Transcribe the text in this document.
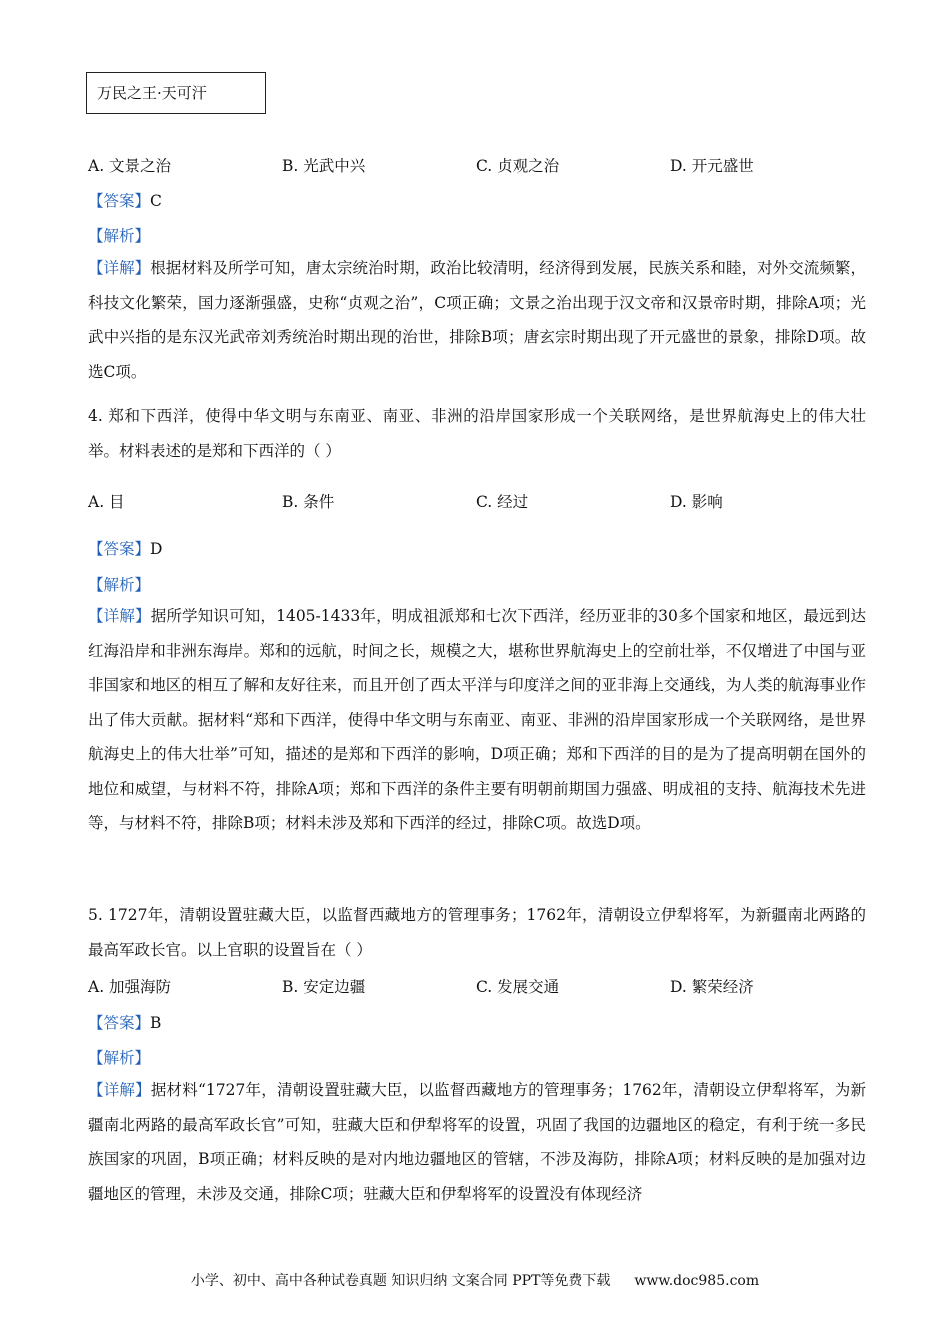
万民之王·天可汗
A. 文景之治	B. 光武中兴	C. 贞观之治	D. 开元盛世
【答案】C
【解析】

【详解】根据材料及所学可知，唐太宗统治时期，政治比较清明，经济得到发展，民族关系和睦，对外交流频繁，科技文化繁荣，国力逐渐强盛，史称“贞观之治”，C项正确；文景之治出现于汉文帝和汉景帝时期，排除A项；光武中兴指的是东汉光武帝刘秀统治时期出现的治世，排除B项；唐玄宗时期出现了开元盛世的景象，排除D项。故选C项。

4. 郑和下西洋，使得中华文明与东南亚、南亚、非洲的沿岸国家形成一个关联网络，是世界航海史上的伟大壮举。材料表述的是郑和下西洋的（ ）

A. 目	B. 条件	C. 经过	D. 影响
【答案】D
【解析】

【详解】据所学知识可知，1405-1433年，明成祖派郑和七次下西洋，经历亚非的30多个国家和地区，最远到达红海沿岸和非洲东海岸。郑和的远航，时间之长，规模之大，堪称世界航海史上的空前壮举，不仅增进了中国与亚非国家和地区的相互了解和友好往来，而且开创了西太平洋与印度洋之间的亚非海上交通线，为人类的航海事业作出了伟大贡献。据材料“郑和下西洋，使得中华文明与东南亚、南亚、非洲的沿岸国家形成一个关联网络，是世界航海史上的伟大壮举”可知，描述的是郑和下西洋的影响，D项正确；郑和下西洋的目的是为了提高明朝在国外的地位和威望，与材料不符，排除A项；郑和下西洋的条件主要有明朝前期国力强盛、明成祖的支持、航海技术先进等，与材料不符，排除B项；材料未涉及郑和下西洋的经过，排除C项。故选D项。

5. 1727年，清朝设置驻藏大臣，以监督西藏地方的管理事务；1762年，清朝设立伊犁将军，为新疆南北两路的最高军政长官。以上官职的设置旨在（ ）

A. 加强海防	B. 安定边疆	C. 发展交通	D. 繁荣经济
【答案】B
【解析】

【详解】据材料“1727年，清朝设置驻藏大臣，以监督西藏地方的管理事务；1762年，清朝设立伊犁将军，为新疆南北两路的最高军政长官”可知，驻藏大臣和伊犁将军的设置，巩固了我国的边疆地区的稳定，有利于统一多民族国家的巩固，B项正确；材料反映的是对内地边疆地区的管辖，不涉及海防，排除A项；材料反映的是加强对边疆地区的管理，未涉及交通，排除C项；驻藏大臣和伊犁将军的设置没有体现经济

小学、初中、高中各种试卷真题 知识归纳 文案合同 PPT等免费下载 www.doc985.com
